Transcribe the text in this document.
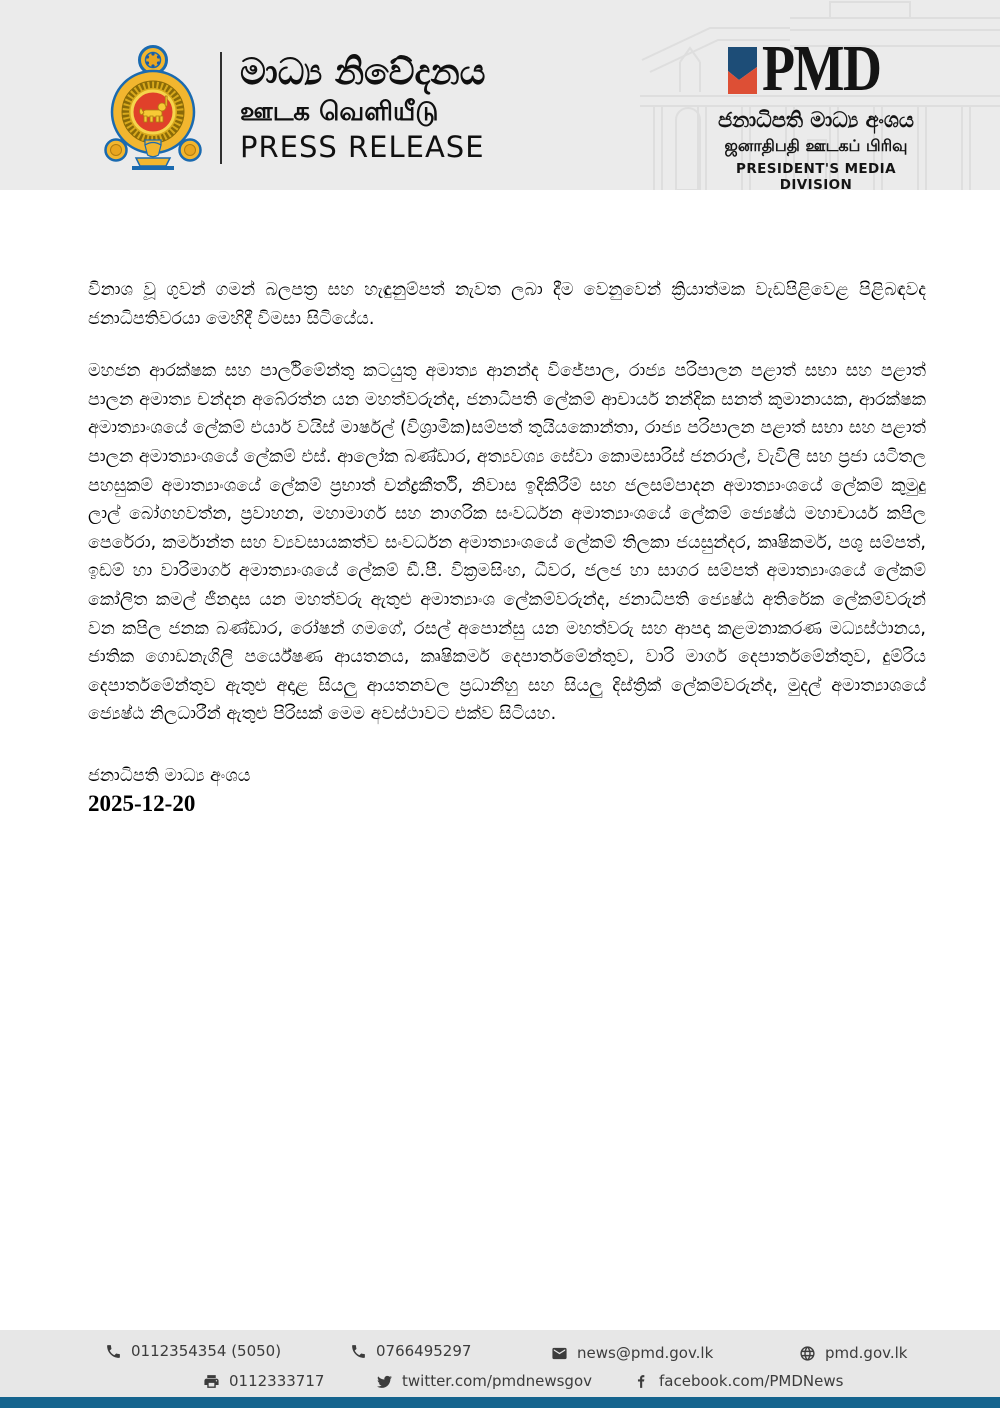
මාධ්‍ය නිවේදනය
ஊடக வெளியீடு
PRESS RELEASE
PMD
ජනාධිපති මාධ්‍ය අංශය
ஜனாதிபதி ஊடகப் பிரிவு
PRESIDENT'S MEDIA DIVISION

විනාශ වූ ගුවන් ගමන් බලපත්‍ර සහ හැඳුනුම්පත් නැවත ලබා දීම වෙනුවෙන් ක්‍රියාත්මක වැඩපිළිවෙළ පිළිබඳවද ජනාධිපතිවරයා මෙහිදී විමසා සිටියේය.

මහජන ආරක්ෂක සහ පාර්ලිමේන්තු කටයුතු අමාත්‍ය ආනන්ද විජේපාල, රාජ්‍ය පරිපාලන පළාත් සභා සහ පළාත් පාලන අමාත්‍ය චන්දන අබේරත්න යන මහත්වරුන්ද, ජනාධිපති ලේකම් ආචාර්ය නන්දික සනත් කුමානායක, ආරක්ෂක අමාත්‍යාංශයේ ලේකම් එයාර් වයිස් මාර්ෂල් (විශ්‍රාමික)සම්පත් තුයියකොන්තා, රාජ්‍ය පරිපාලන පළාත් සභා සහ පළාත් පාලන අමාත්‍යාංශයේ ලේකම් එස්. ආලෝක බණ්ඩාර, අත්‍යවශ්‍ය සේවා කොමසාරිස් ජනරාල්, වැවිලි සහ ප්‍රජා යටිතල පහසුකම් අමාත්‍යාංශයේ ලේකම් ප්‍රභාත් චන්ද්‍රකීර්ති, නිවාස ඉදිකිරීම් සහ ජලසම්පාදන අමාත්‍යාංශයේ ලේකම් කුමුදු ලාල් බෝගහවත්න, ප්‍රවාහන, මහාමාර්ග සහ නාගරික සංවර්ධන අමාත්‍යාංශයේ ලේකම් ජ්‍යෙෂ්ඨ මහාචාර්ය කපිල පෙරේරා, කර්මාන්ත සහ ව්‍යවසායකත්ව සංවර්ධන අමාත්‍යාංශයේ ලේකම් තිලකා ජයසුන්දර, කෘෂිකර්ම, පශු සම්පත්, ඉඩම් හා වාරිමාර්ග අමාත්‍යාංශයේ ලේකම් ඩී.පී. වික්‍රමසිංහ, ධීවර, ජලජ හා සාගර සම්පත් අමාත්‍යාංශයේ ලේකම් කෝලිත කමල් ජීනදාස යන මහත්වරු ඇතුළු අමාත්‍යාංශ ලේකම්වරුන්ද, ජනාධිපති ජ්‍යෙෂ්ඨ අතිරේක ලේකම්වරුන් වන කපිල ජනක බණ්ඩාර, රෝෂන් ගමගේ, රසල් අපොන්සු යන මහත්වරු සහ ආපදා කළමනාකරණ මධ්‍යස්ථානය, ජාතික ගොඩනැගිලි පර්යේෂණ ආයතනය, කෘෂිකර්ම දෙපාර්තමේන්තුව, වාරි මාර්ග දෙපාර්තමේන්තුව, දුම්රිය දෙපාර්තමේන්තුව ඇතුළු අදාළ සියලු ආයතනවල ප්‍රධානීහු සහ සියලු දිස්ත්‍රික් ලේකම්වරුන්ද, මුදල් අමාත්‍යාශයේ ජ්‍යෙෂ්ඨ නිලධාරීන් ඇතුළු පිරිසක් මෙම අවස්ථාවට එක්ව සිටියහ.

ජනාධිපති මාධ්‍ය අංශය
2025-12-20
0112354354 (5050)	0766495297	news@pmd.gov.lk	pmd.gov.lk
0112333717	twitter.com/pmdnewsgov	facebook.com/PMDNews
